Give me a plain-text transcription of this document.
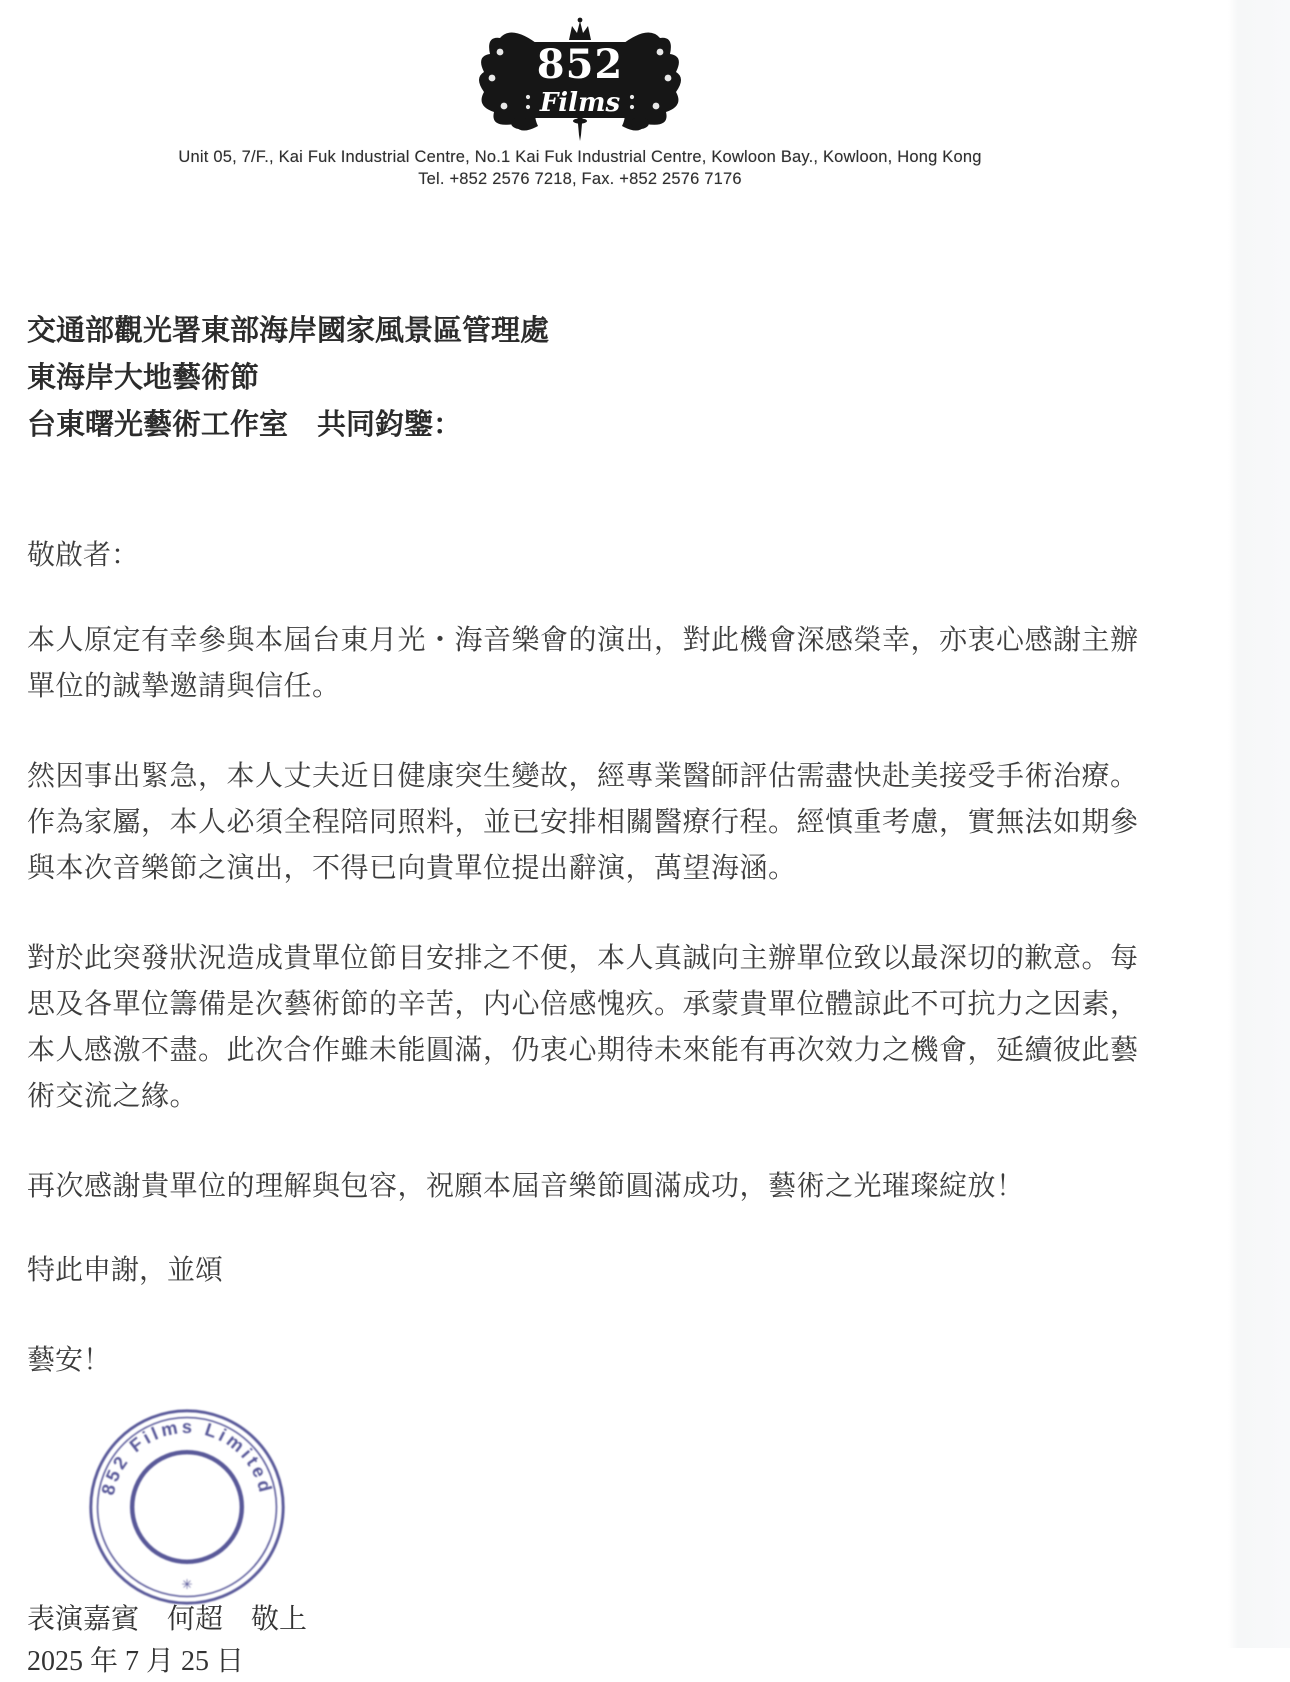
852
Films
Unit 05, 7/F., Kai Fuk Industrial Centre, No.1 Kai Fuk Industrial Centre, Kowloon Bay., Kowloon, Hong Kong
Tel. +852 2576 7218, Fax. +852 2576 7176
交通部觀光署東部海岸國家風景區管理處
東海岸大地藝術節
台東曙光藝術工作室　共同鈞鑒：
敬啟者：
本人原定有幸參與本屆台東月光・海音樂會的演出，對此機會深感榮幸，亦衷心感謝主辦
單位的誠摯邀請與信任。
然因事出緊急，本人丈夫近日健康突生變故，經專業醫師評估需盡快赴美接受手術治療。
作為家屬，本人必須全程陪同照料，並已安排相關醫療行程。經慎重考慮，實無法如期參
與本次音樂節之演出，不得已向貴單位提出辭演，萬望海涵。
對於此突發狀況造成貴單位節目安排之不便，本人真誠向主辦單位致以最深切的歉意。每
思及各單位籌備是次藝術節的辛苦，内心倍感愧疚。承蒙貴單位體諒此不可抗力之因素，
本人感激不盡。此次合作雖未能圓滿，仍衷心期待未來能有再次效力之機會，延續彼此藝
術交流之緣。
再次感謝貴單位的理解與包容，祝願本屆音樂節圓滿成功，藝術之光璀璨綻放！
特此申謝，並頌
藝安！
852 Films Limited
✳
表演嘉賓　何超　敬上
2025 年 7 月 25 日
